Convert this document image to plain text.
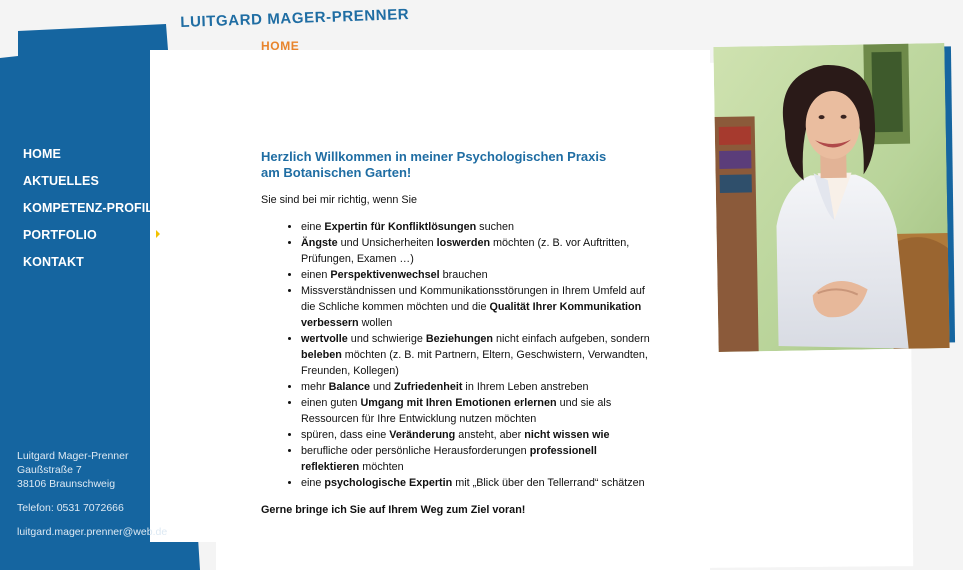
HOME
AKTUELLES
KOMPETENZ-PROFIL
PORTFOLIO
KONTAKT
Luitgard Mager-Prenner
Gaußstraße 7
38106 Braunschweig
Telefon: 0531 7072666
luitgard.mager.prenner@web.de
LUITGARD MAGER-PRENNER
HOME
Herzlich Willkommen in meiner Psychologischen Praxis
am Botanischen Garten!
Sie sind bei mir richtig, wenn Sie
• eine Expertin für Konfliktlösungen suchen
• Ängste und Unsicherheiten loswerden möchten (z. B. vor Auftritten, Prüfungen, Examen …)
• einen Perspektivenwechsel brauchen
• Missverständnissen und Kommunikationsstörungen in Ihrem Umfeld auf die Schliche kommen möchten und die Qualität Ihrer Kommunikation verbessern wollen
• wertvolle und schwierige Beziehungen nicht einfach aufgeben, sondern beleben möchten (z. B. mit Partnern, Eltern, Geschwistern, Verwandten, Freunden, Kollegen)
• mehr Balance und Zufriedenheit in Ihrem Leben anstreben
• einen guten Umgang mit Ihren Emotionen erlernen und sie als Ressourcen für Ihre Entwicklung nutzen möchten
• spüren, dass eine Veränderung ansteht, aber nicht wissen wie
• berufliche oder persönliche Herausforderungen professionell reflektieren möchten
• eine psychologische Expertin mit „Blick über den Tellerrand“ schätzen
Gerne bringe ich Sie auf Ihrem Weg zum Ziel voran!
